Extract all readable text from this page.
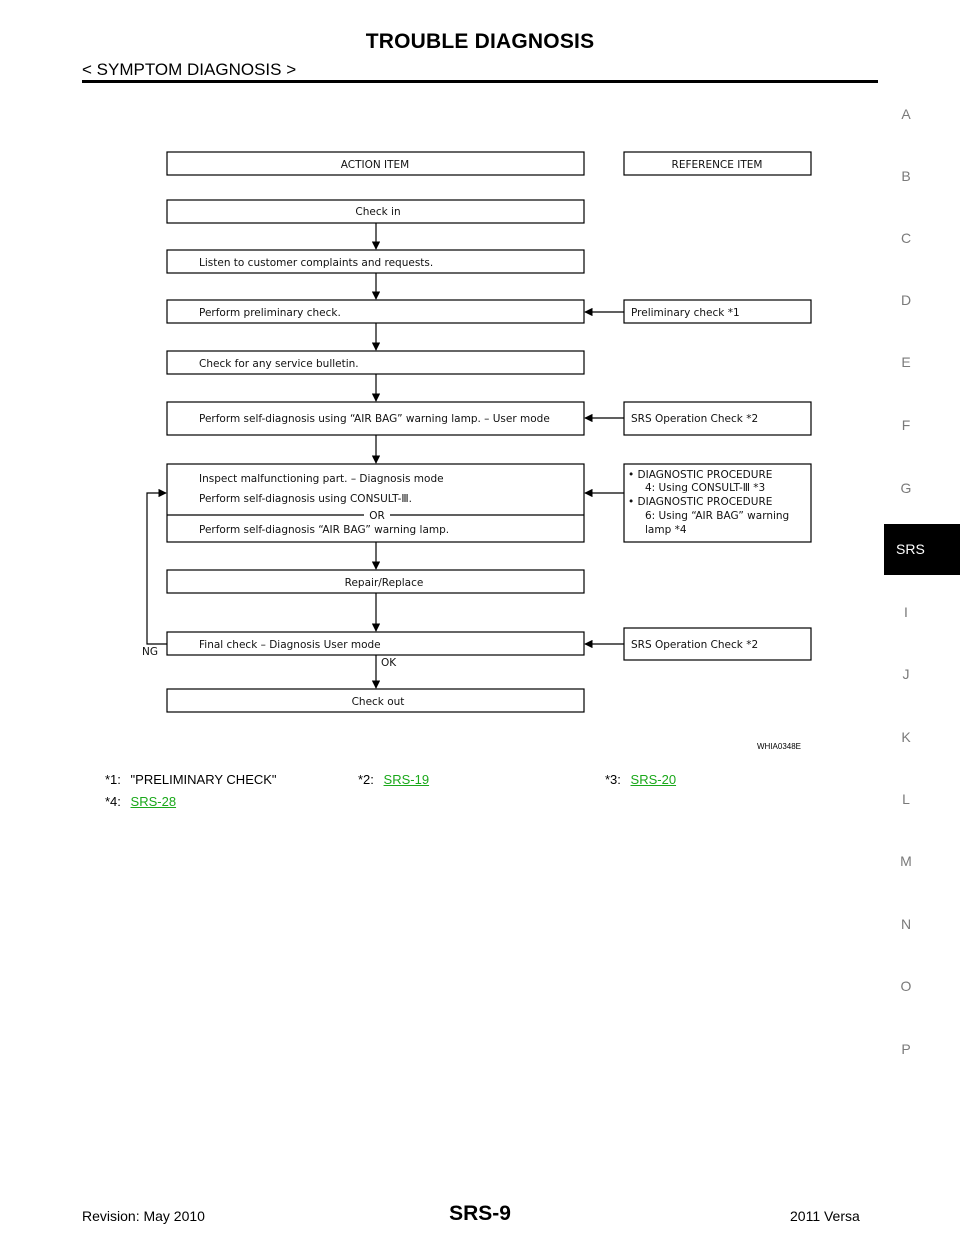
TROUBLE DIAGNOSIS
< SYMPTOM DIAGNOSIS >
A
B
C
D
E
F
G
SRS
I
J
K
L
M
N
O
P
ACTION ITEM	REFERENCE ITEM
Check in
Listen to customer complaints and requests.
Perform preliminary check.
Check for any service bulletin.
Perform self-diagnosis using “AIR BAG” warning lamp. – User mode
Inspect malfunctioning part. – Diagnosis mode
Perform self-diagnosis using CONSULT-Ⅲ.
OR
Perform self-diagnosis “AIR BAG” warning lamp.
Repair/Replace
Final check – Diagnosis User mode
Check out
Preliminary check *1
SRS Operation Check *2
• DIAGNOSTIC PROCEDURE
4: Using CONSULT-Ⅲ *3
• DIAGNOSTIC PROCEDURE
6: Using “AIR BAG” warning
lamp *4
SRS Operation Check *2
NG
OK
WHIA0348E
*1: "PRELIMINARY CHECK"	*2: SRS-19	*3: SRS-20
*4: SRS-28
Revision: May 2010	SRS-9	2011 Versa
